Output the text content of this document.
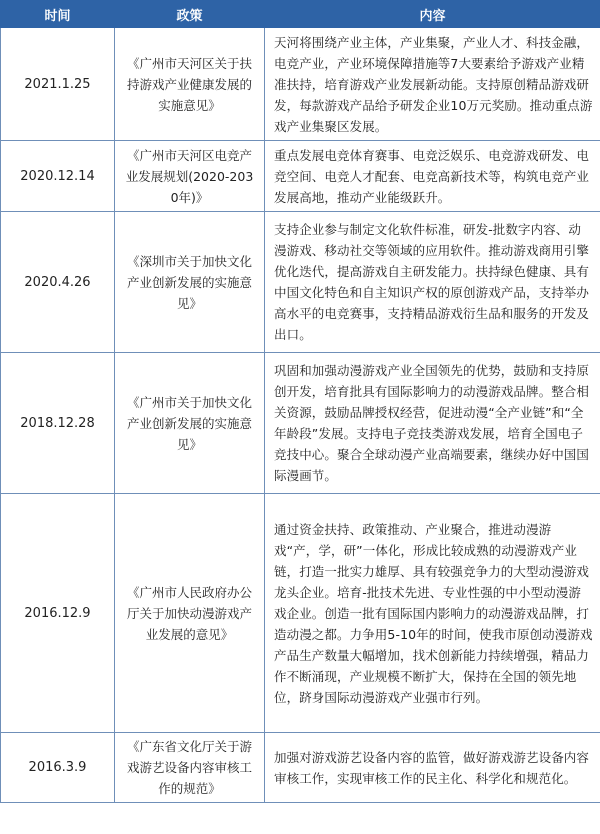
时间	政策	内容
2021.1.25	《广州市天河区关于扶持游戏产业健康发展的实施意见》	天河将围绕产业主体，产业集聚，产业人才、科技金融，电竞产业，产业环境保障措施等7大要素给予游戏产业精准扶持，培育游戏产业发展新动能。支持原创精品游戏研发，每款游戏产品给予研发企业10万元奖励。推动重点游戏产业集聚区发展。
2020.12.14	《广州市天河区电竞产业发展规划(2020-2030年)》	重点发展电竞体育赛事、电竞泛娱乐、电竞游戏研发、电竞空间、电竞人才配套、电竞高新技术等，构筑电竞产业发展高地，推动产业能级跃升。
2020.4.26	《深圳市关于加快文化产业创新发展的实施意见》	支持企业参与制定文化软件标准，研发-批数字内容、动漫游戏、移动社交等领域的应用软件。推动游戏商用引擎优化迭代，提高游戏自主研发能力。扶持绿色健康、具有中国文化特色和自主知识产权的原创游戏产品，支持举办高水平的电竞赛事，支持精品游戏衍生品和服务的开发及出口。
2018.12.28	《广州市关于加快文化产业创新发展的实施意见》	巩固和加强动漫游戏产业全国领先的优势，鼓励和支持原创开发，培育批具有国际影响力的动漫游戏品牌。整合相关资源，鼓励品牌授权经营，促进动漫“全产业链”和“全年龄段”发展。支持电子竞技类游戏发展，培育全国电子竞技中心。聚合全球动漫产业高端要素，继续办好中国国际漫画节。
2016.12.9	《广州市人民政府办公厅关于加快动漫游戏产业发展的意见》	通过资金扶持、政策推动、产业聚合，推进动漫游戏“产，学，研”一体化，形成比较成熟的动漫游戏产业链，打造一批实力雄厚、具有较强竞争力的大型动漫游戏龙头企业。培育-批技术先进、专业性强的中小型动漫游戏企业。创造一批有国际国内影响力的动漫游戏品牌，打造动漫之都。力争用5-10年的时间，使我市原创动漫游戏产品生产数量大幅增加，找术创新能力持续增强，精品力作不断涌现，产业规模不断扩大，保持在全国的领先地位，跻身国际动漫游戏产业强市行列。
2016.3.9	《广东省文化厅关于游戏游艺设备内容审核工作的规范》	加强对游戏游艺设备内容的监管，做好游戏游艺设备内容审核工作，实现审核工作的民主化、科学化和规范化。
